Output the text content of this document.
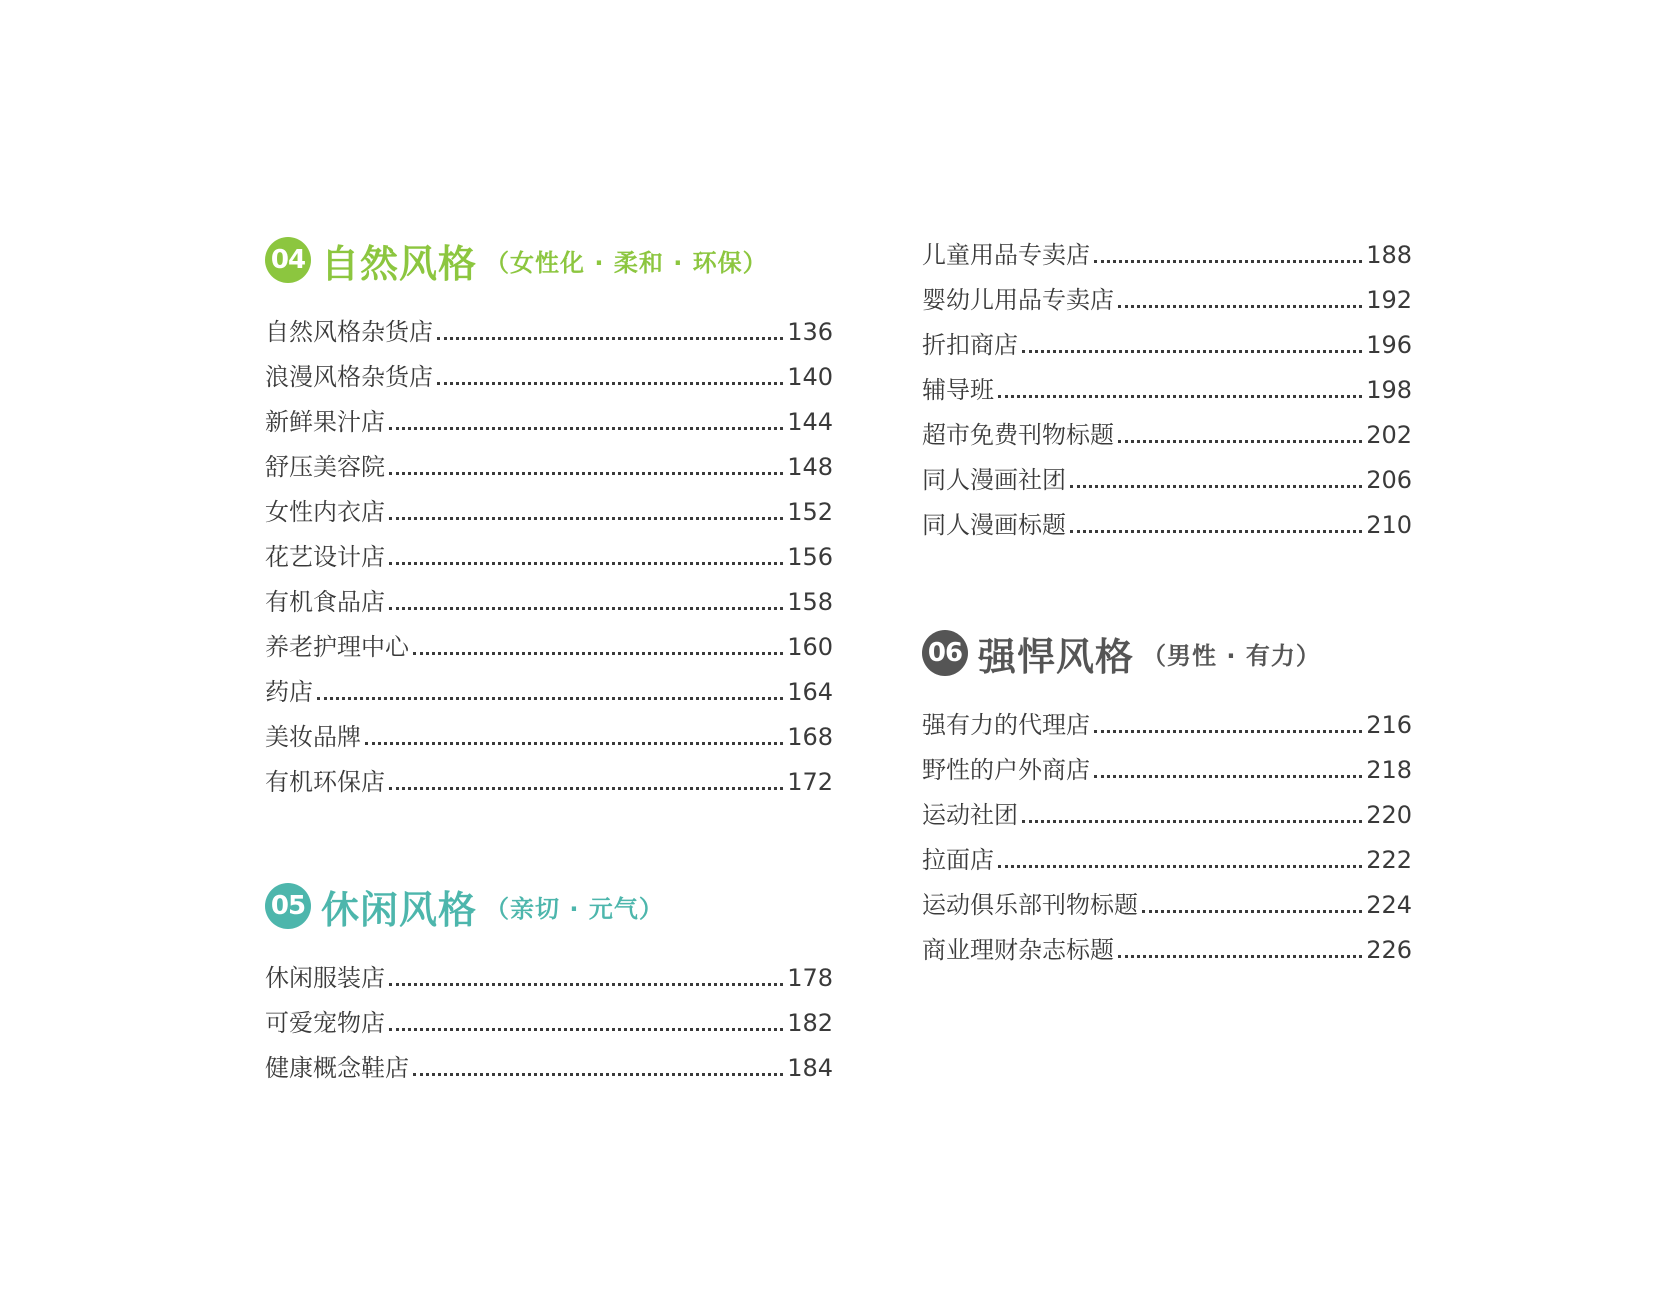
04 自然风格 （女性化 · 柔和 · 环保）
自然风格杂货店	136
浪漫风格杂货店	140
新鲜果汁店	144
舒压美容院	148
女性内衣店	152
花艺设计店	156
有机食品店	158
养老护理中心	160
药店	164
美妆品牌	168
有机环保店	172
05 休闲风格 （亲切 · 元气）
休闲服装店	178
可爱宠物店	182
健康概念鞋店	184
儿童用品专卖店	188
婴幼儿用品专卖店	192
折扣商店	196
辅导班	198
超市免费刊物标题	202
同人漫画社团	206
同人漫画标题	210
06 强悍风格 （男性 · 有力）
强有力的代理店	216
野性的户外商店	218
运动社团	220
拉面店	222
运动俱乐部刊物标题	224
商业理财杂志标题	226
